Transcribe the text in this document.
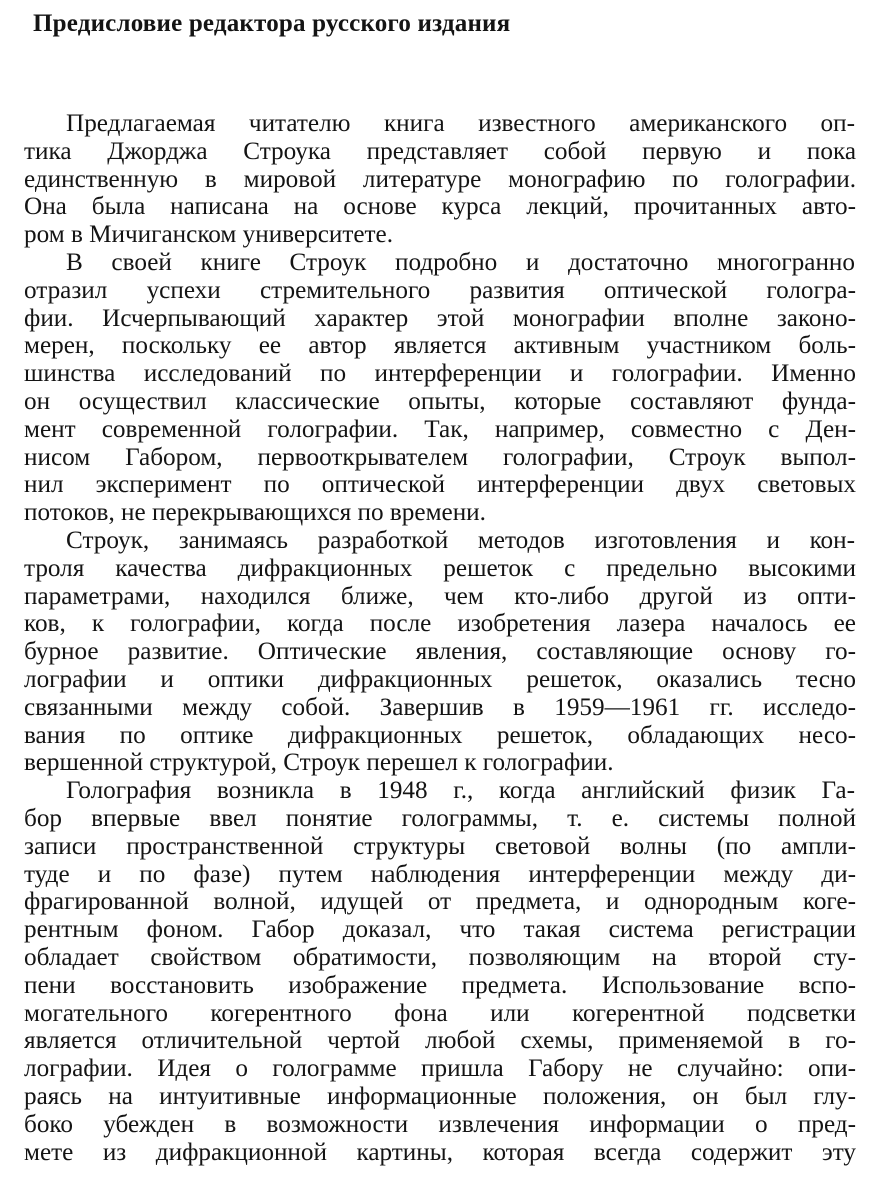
Предисловие редактора русского издания
Предлагаемая читателю книга известного американского оп-
тика Джорджа Строука представляет собой первую и пока
единственную в мировой литературе монографию по голографии.
Она была написана на основе курса лекций, прочитанных авто-
ром в Мичиганском университете.
В своей книге Строук подробно и достаточно многогранно
отразил успехи стремительного развития оптической гологра-
фии. Исчерпывающий характер этой монографии вполне законо-
мерен, поскольку ее автор является активным участником боль-
шинства исследований по интерференции и голографии. Именно
он осуществил классические опыты, которые составляют фунда-
мент современной голографии. Так, например, совместно с Ден-
нисом Габором, первооткрывателем голографии, Строук выпол-
нил эксперимент по оптической интерференции двух световых
потоков, не перекрывающихся по времени.
Строук, занимаясь разработкой методов изготовления и кон-
троля качества дифракционных решеток с предельно высокими
параметрами, находился ближе, чем кто-либо другой из опти-
ков, к голографии, когда после изобретения лазера началось ее
бурное развитие. Оптические явления, составляющие основу го-
лографии и оптики дифракционных решеток, оказались тесно
связанными между собой. Завершив в 1959—1961 гг. исследо-
вания по оптике дифракционных решеток, обладающих несо-
вершенной структурой, Строук перешел к голографии.
Голография возникла в 1948 г., когда английский физик Га-
бор впервые ввел понятие голограммы, т. е. системы полной
записи пространственной структуры световой волны (по ампли-
туде и по фазе) путем наблюдения интерференции между ди-
фрагированной волной, идущей от предмета, и однородным коге-
рентным фоном. Габор доказал, что такая система регистрации
обладает свойством обратимости, позволяющим на второй сту-
пени восстановить изображение предмета. Использование вспо-
могательного когерентного фона или когерентной подсветки
является отличительной чертой любой схемы, применяемой в го-
лографии. Идея о голограмме пришла Габору не случайно: опи-
раясь на интуитивные информационные положения, он был глу-
боко убежден в возможности извлечения информации о пред-
мете из дифракционной картины, которая всегда содержит эту
